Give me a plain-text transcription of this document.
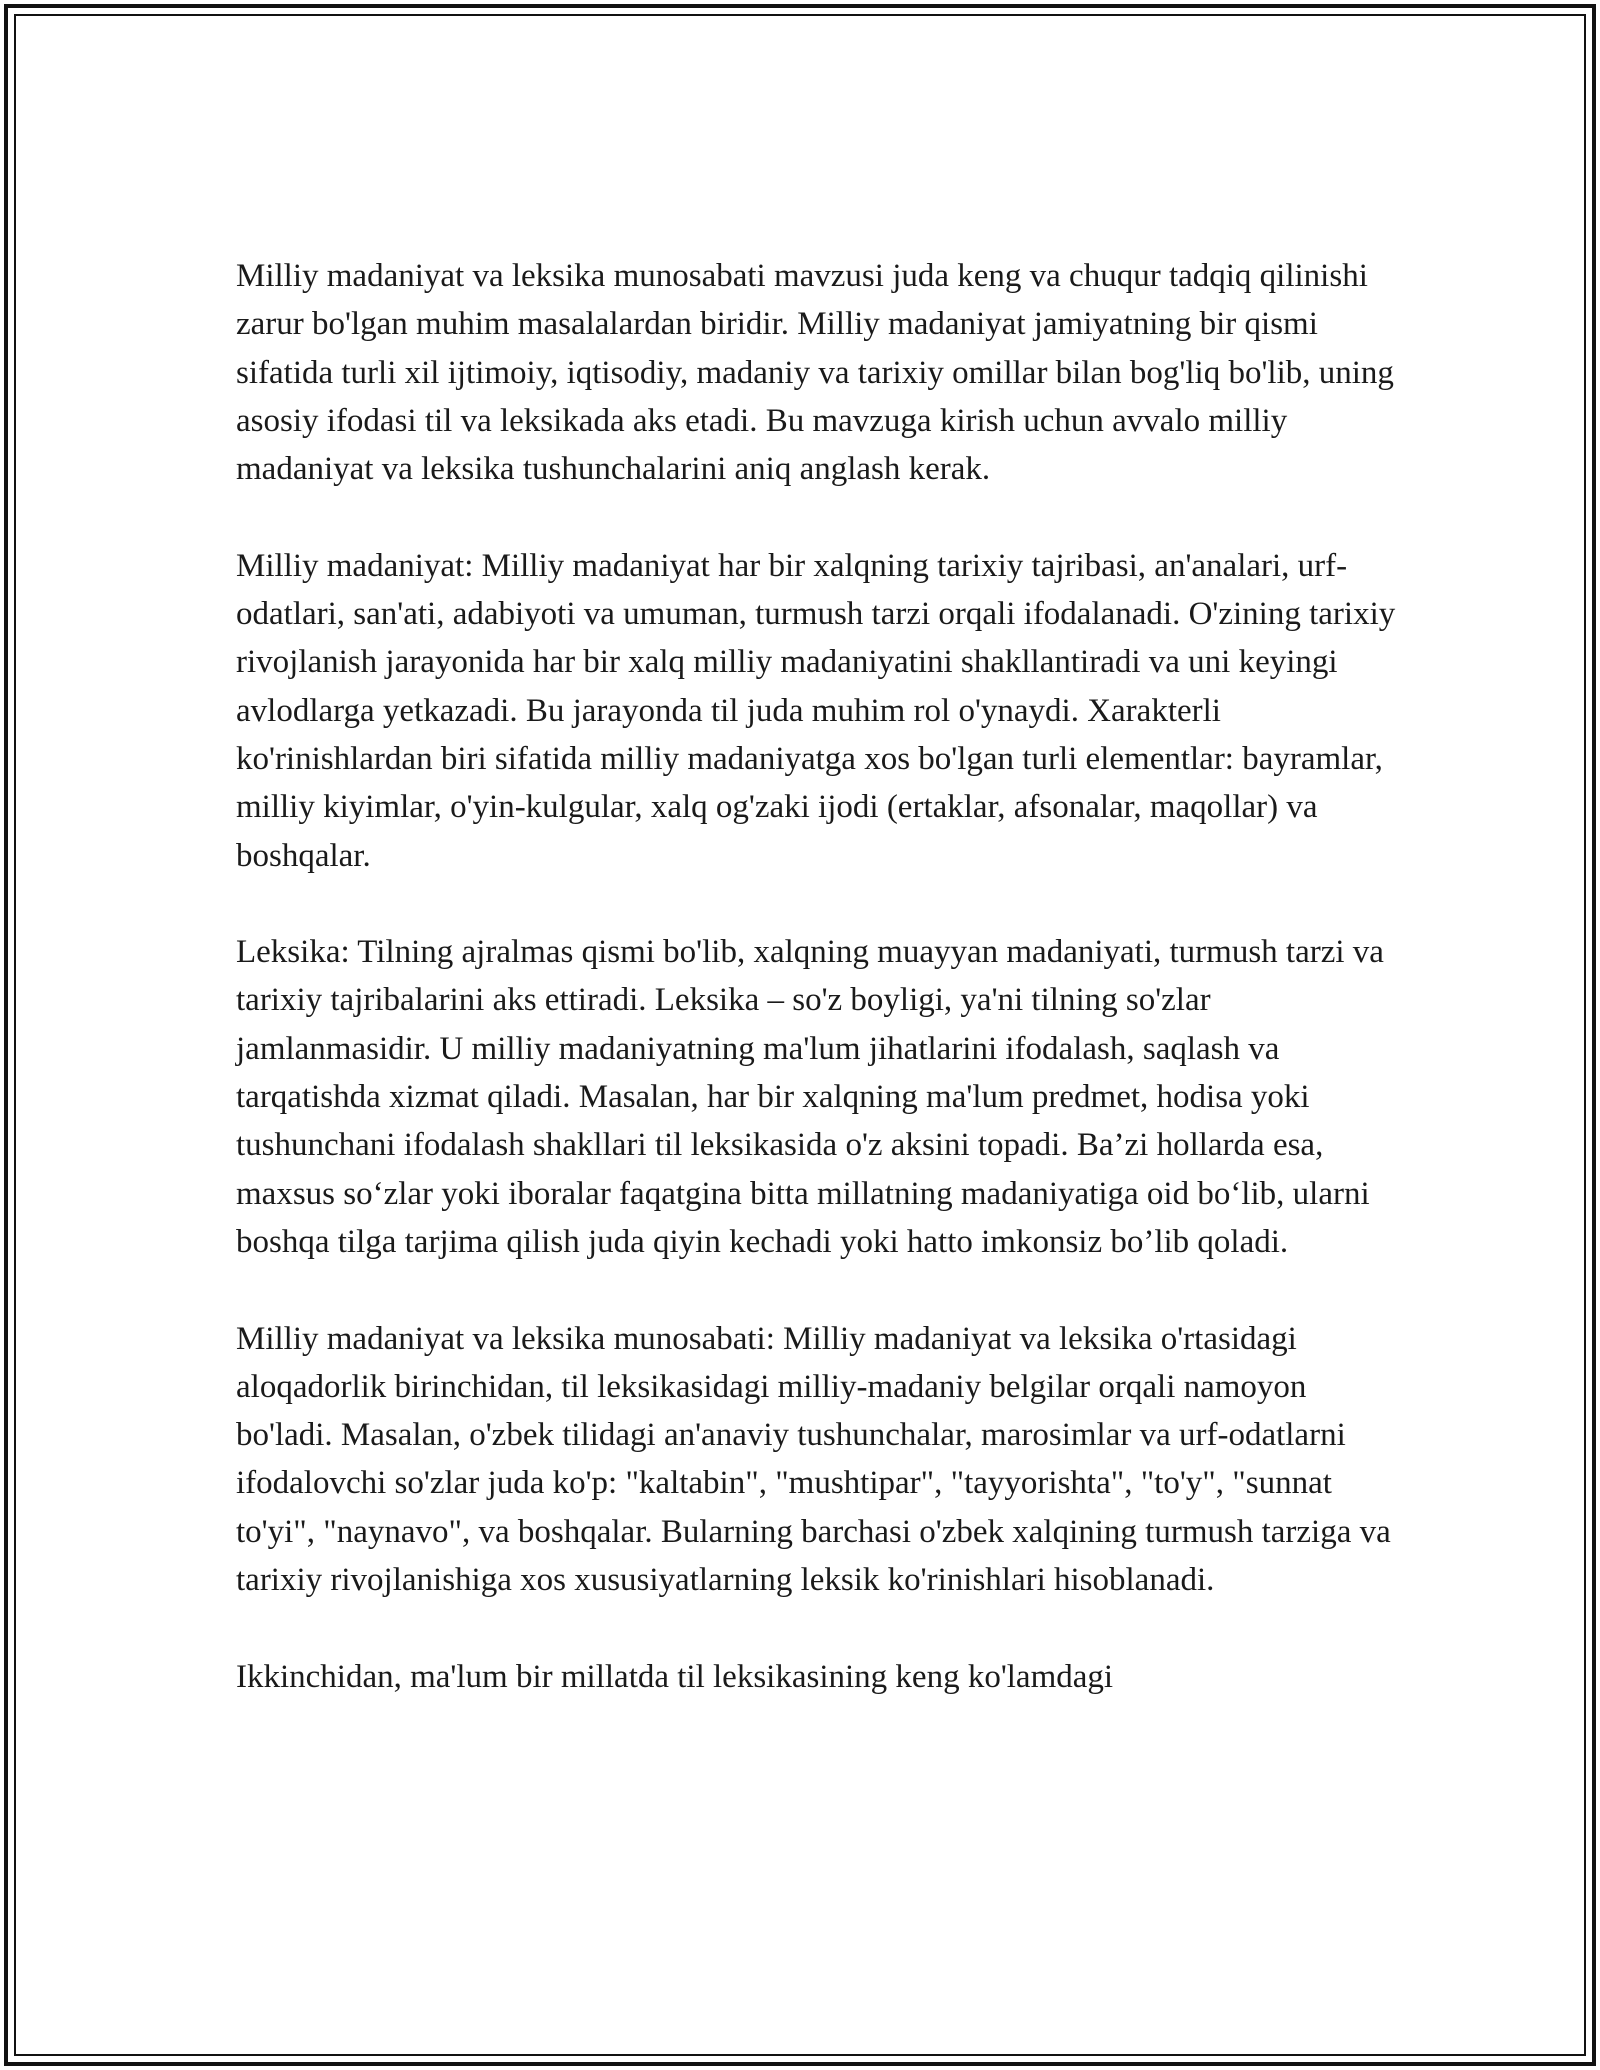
Milliy madaniyat va leksika munosabati mavzusi juda keng va chuqur tadqiq qilinishi zarur bo'lgan muhim masalalardan biridir. Milliy madaniyat jamiyatning bir qismi sifatida turli xil ijtimoiy, iqtisodiy, madaniy va tarixiy omillar bilan bog'liq bo'lib, uning asosiy ifodasi til va leksikada aks etadi. Bu mavzuga kirish uchun avvalo milliy madaniyat va leksika tushunchalarini aniq anglash kerak.

Milliy madaniyat: Milliy madaniyat har bir xalqning tarixiy tajribasi, an'analari, urf-odatlari, san'ati, adabiyoti va umuman, turmush tarzi orqali ifodalanadi. O'zining tarixiy rivojlanish jarayonida har bir xalq milliy madaniyatini shakllantiradi va uni keyingi avlodlarga yetkazadi. Bu jarayonda til juda muhim rol o'ynaydi. Xarakterli ko'rinishlardan biri sifatida milliy madaniyatga xos bo'lgan turli elementlar: bayramlar, milliy kiyimlar, o'yin-kulgular, xalq og'zaki ijodi (ertaklar, afsonalar, maqollar) va boshqalar.

Leksika: Tilning ajralmas qismi bo'lib, xalqning muayyan madaniyati, turmush tarzi va tarixiy tajribalarini aks ettiradi. Leksika – so'z boyligi, ya'ni tilning so'zlar jamlanmasidir. U milliy madaniyatning ma'lum jihatlarini ifodalash, saqlash va tarqatishda xizmat qiladi. Masalan, har bir xalqning ma'lum predmet, hodisa yoki tushunchani ifodalash shakllari til leksikasida o'z aksini topadi. Ba’zi hollarda esa, maxsus so‘zlar yoki iboralar faqatgina bitta millatning madaniyatiga oid bo‘lib, ularni boshqa tilga tarjima qilish juda qiyin kechadi yoki hatto imkonsiz bo’lib qoladi.

Milliy madaniyat va leksika munosabati: Milliy madaniyat va leksika o'rtasidagi aloqadorlik birinchidan, til leksikasidagi milliy-madaniy belgilar orqali namoyon bo'ladi. Masalan, o'zbek tilidagi an'anaviy tushunchalar, marosimlar va urf-odatlarni ifodalovchi so'zlar juda ko'p: "kaltabin", "mushtipar", "tayyorishta", "to'y", "sunnat to'yi", "naynavo", va boshqalar. Bularning barchasi o'zbek xalqining turmush tarziga va tarixiy rivojlanishiga xos xususiyatlarning leksik ko'rinishlari hisoblanadi.

Ikkinchidan, ma'lum bir millatda til leksikasining keng ko'lamdagi
